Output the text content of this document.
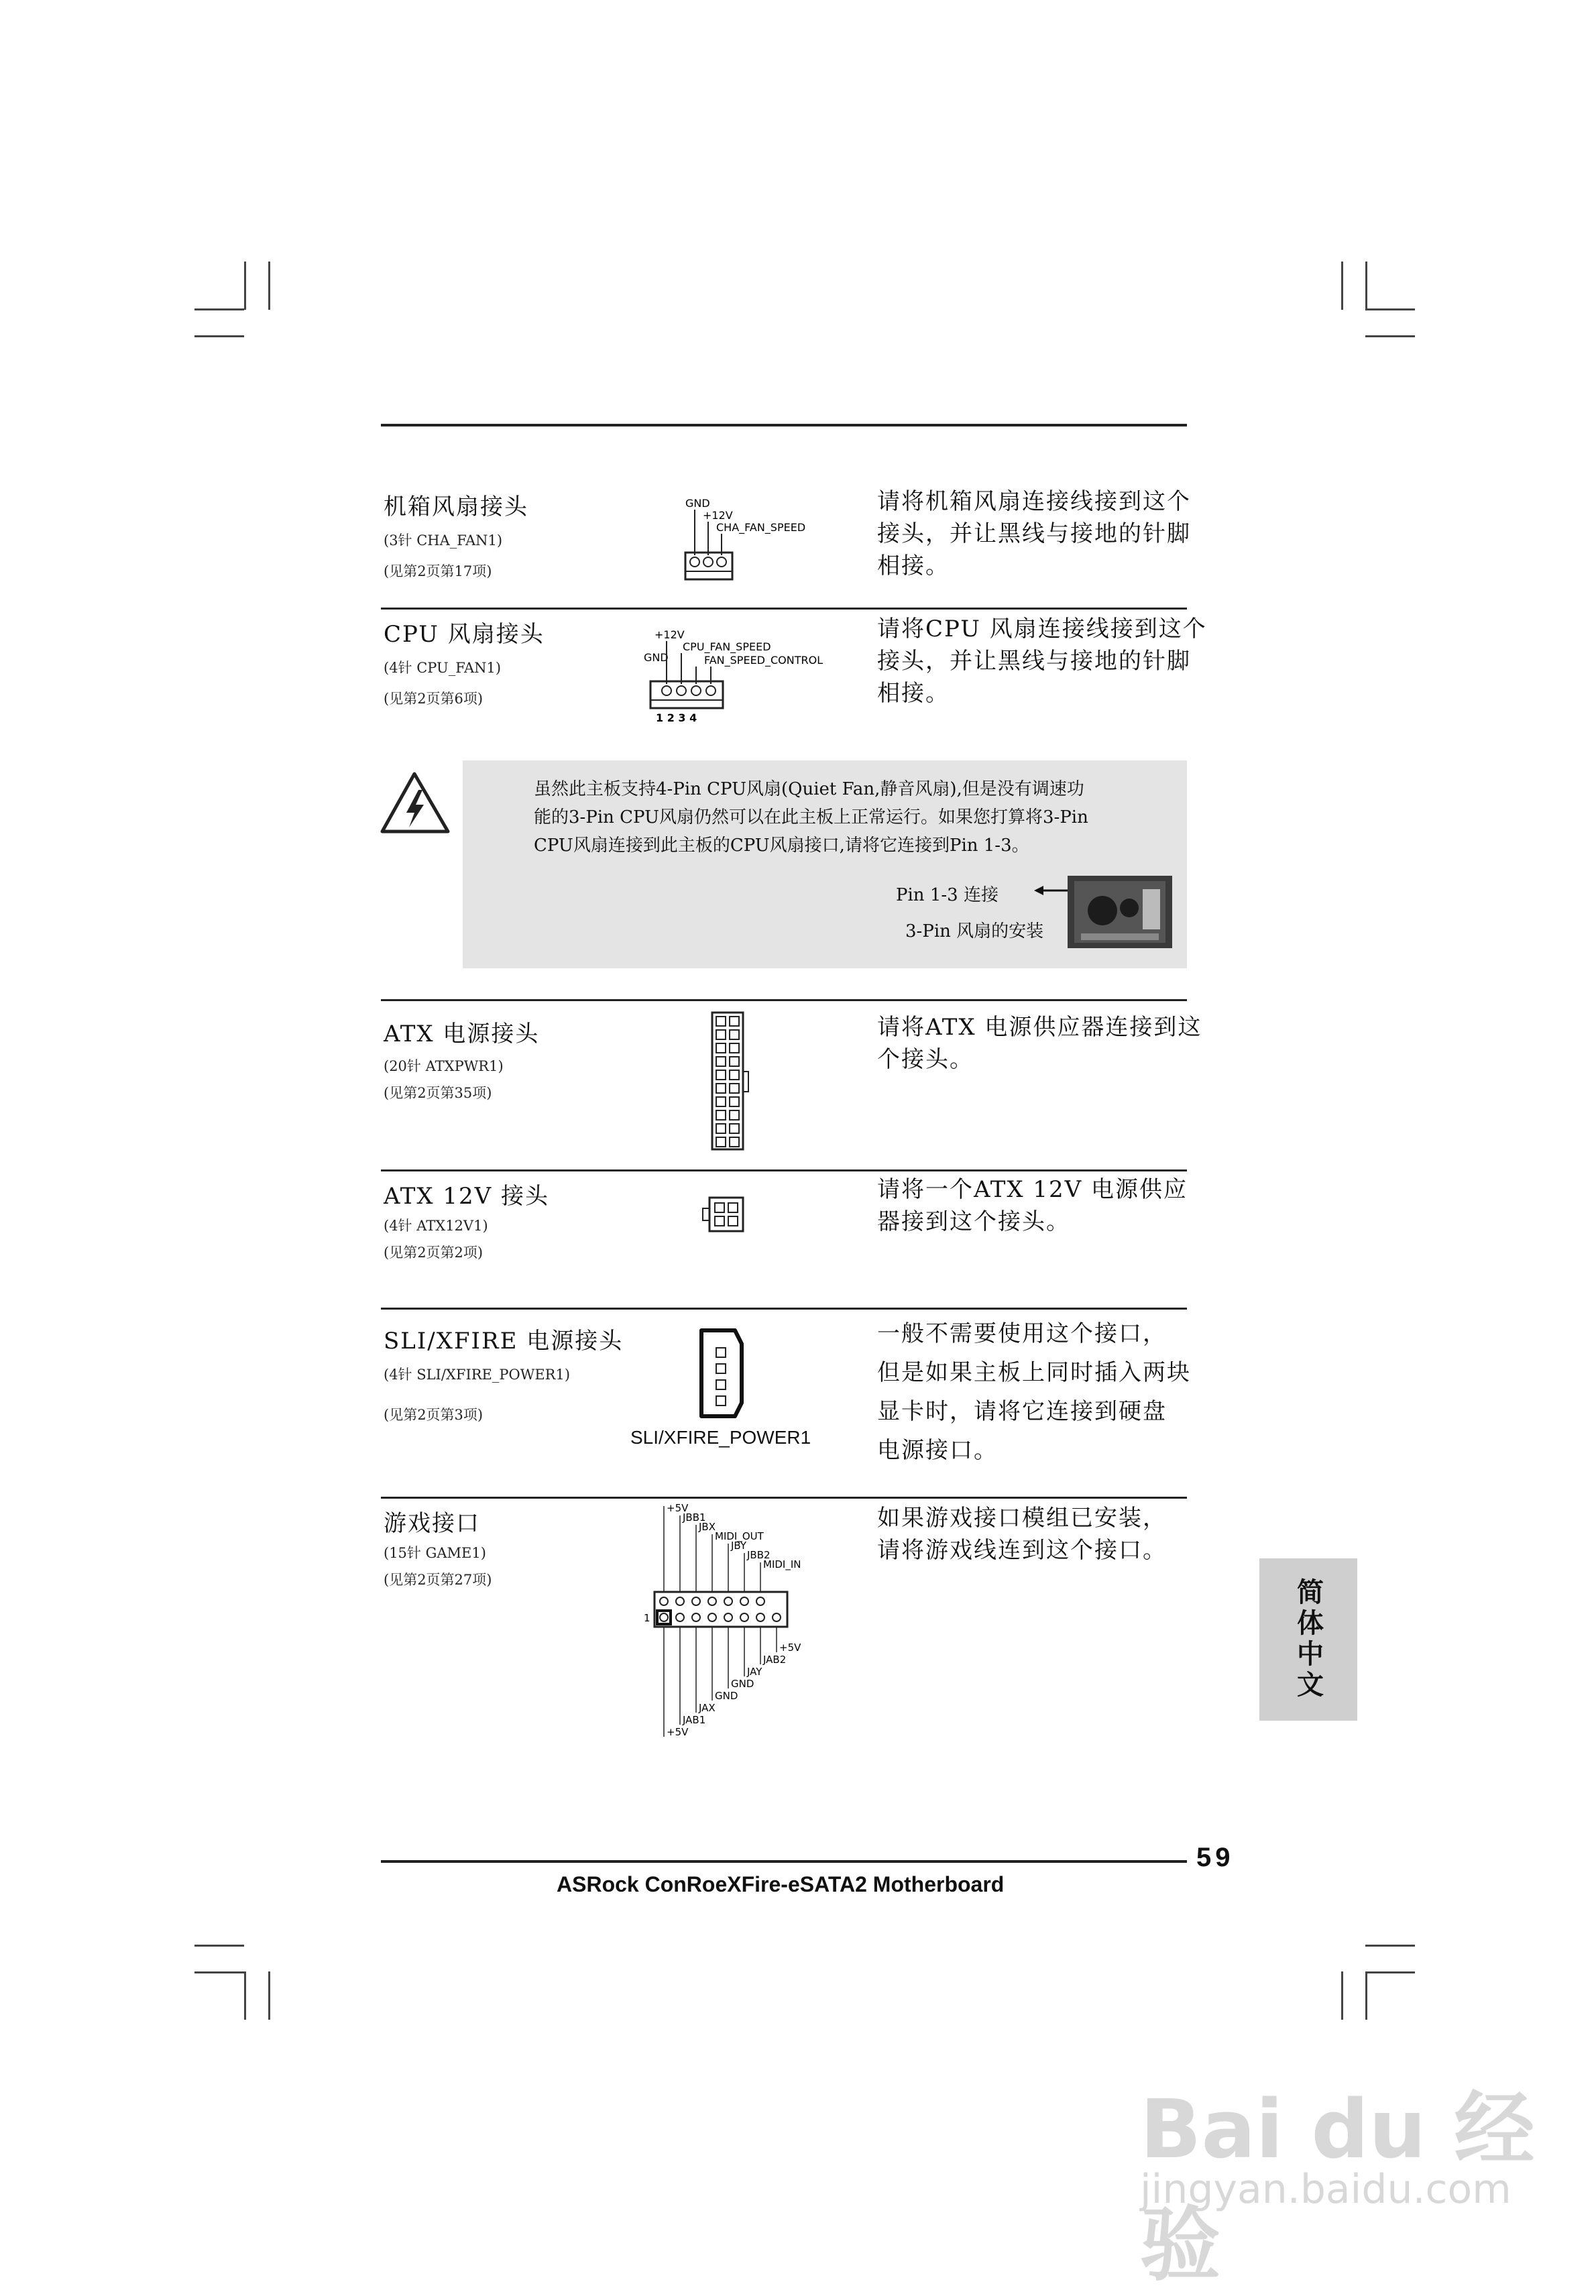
机箱风扇接头
(3针 CHA_FAN1)
(见第2页第17项)
GND
+12V
CHA_FAN_SPEED
请将机箱风扇连接线接到这个
接头，并让黑线与接地的针脚
相接。
CPU 风扇接头
(4针 CPU_FAN1)
(见第2页第6项)
+12V
CPU_FAN_SPEED
GND	FAN_SPEED_CONTROL
1 2 3 4
请将CPU 风扇连接线接到这个
接头，并让黑线与接地的针脚
相接。
虽然此主板支持4-Pin CPU风扇(Quiet Fan,静音风扇),但是没有调速功
能的3-Pin CPU风扇仍然可以在此主板上正常运行。如果您打算将3-Pin
CPU风扇连接到此主板的CPU风扇接口,请将它连接到Pin 1-3。
Pin 1-3 连接
3-Pin 风扇的安装
ATX 电源接头
(20针 ATXPWR1)
(见第2页第35项)
请将ATX 电源供应器连接到这
个接头。
ATX 12V 接头
(4针 ATX12V1)
(见第2页第2项)
请将一个ATX 12V 电源供应
器接到这个接头。
SLI/XFIRE 电源接头
(4针 SLI/XFIRE_POWER1)
(见第2页第3项)
SLI/XFIRE_POWER1
一般不需要使用这个接口，
但是如果主板上同时插入两块
显卡时，请将它连接到硬盘
电源接口。
游戏接口
(15针 GAME1)
(见第2页第27项)
1
+5V
JBB1
JBX
MIDI_OUT
JBY
JBB2
MIDI_IN
+5V
JAB2
JAY
GND
GND
JAX
JAB1
+5V
如果游戏接口模组已安装，
请将游戏线连到这个接口。
59
ASRock ConRoeXFire-eSATA2 Motherboard
简体中文
Bai du 经验
jingyan.baidu.com
